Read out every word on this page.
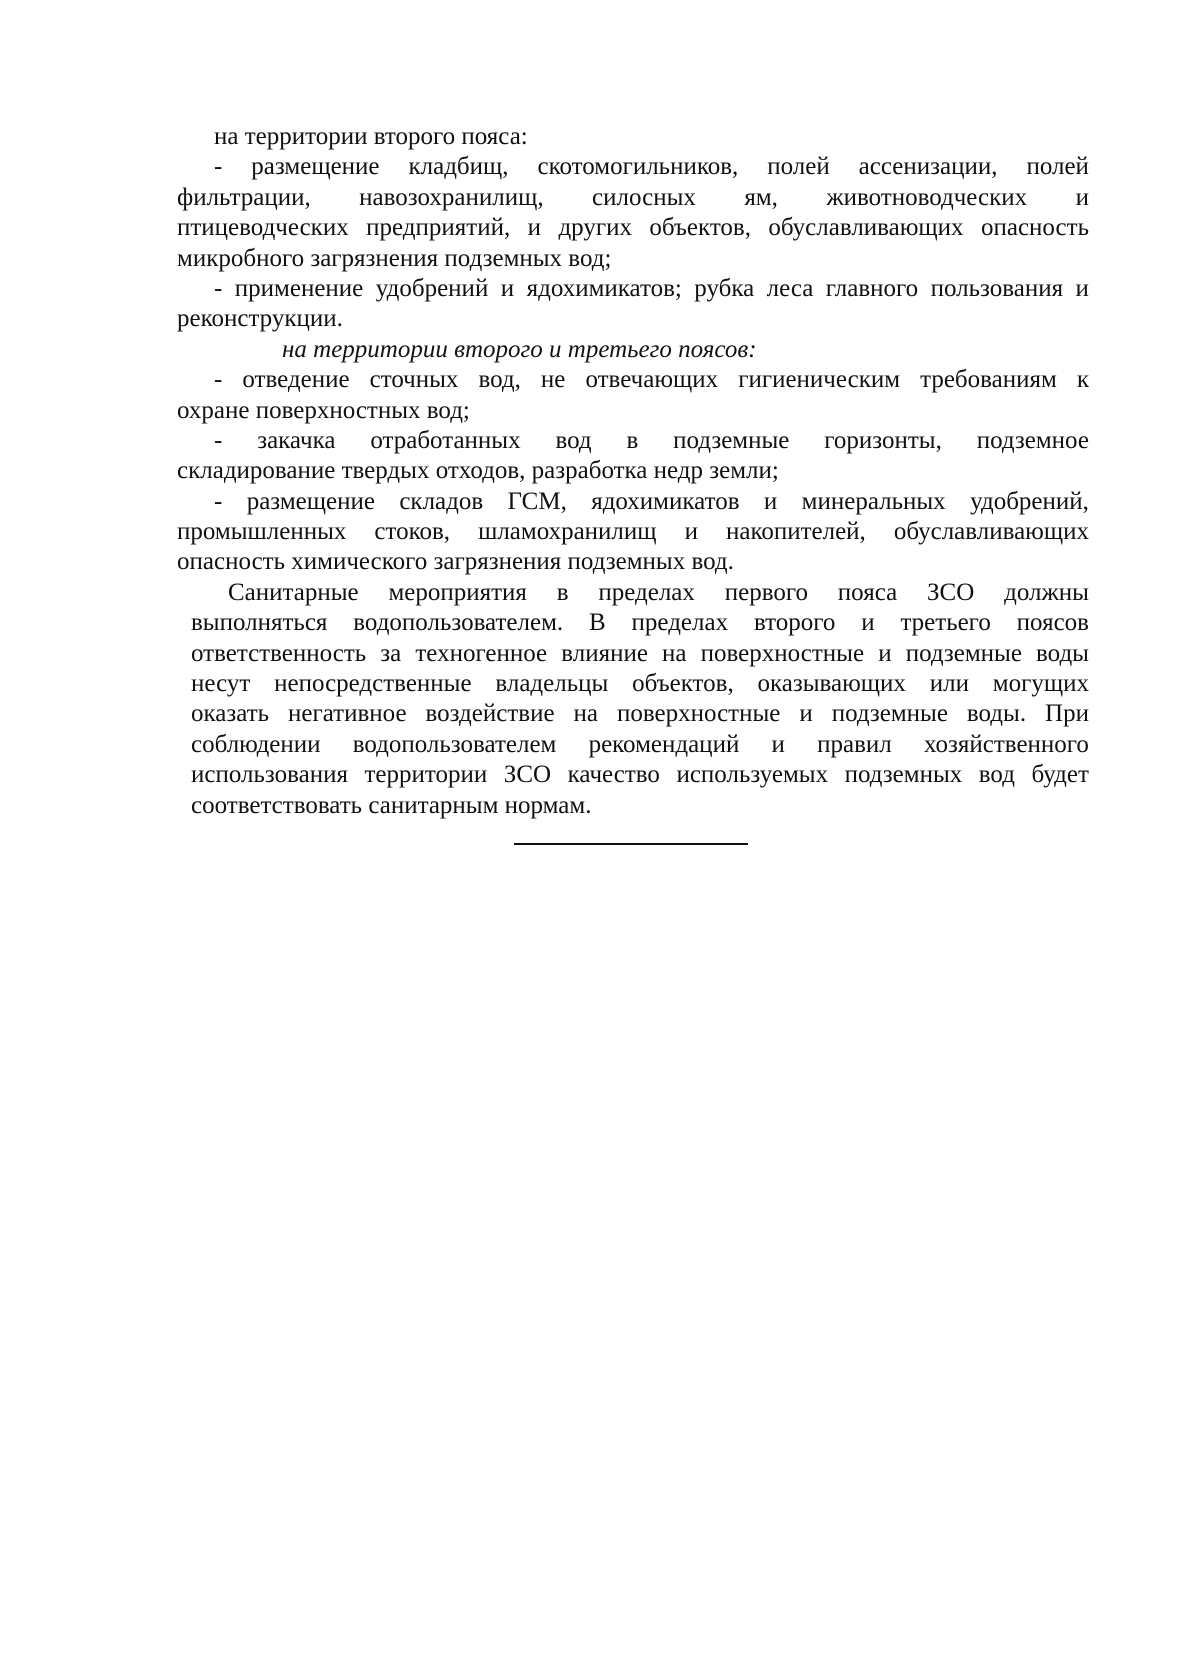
на территории второго пояса:
- размещение кладбищ, скотомогильников, полей ассенизации, полей
фильтрации, навозохранилищ, силосных ям, животноводческих и
птицеводческих предприятий, и других объектов, обуславливающих опасность
микробного загрязнения подземных вод;
- применение удобрений и ядохимикатов; рубка леса главного пользования и
реконструкции.
на территории второго и третьего поясов:
- отведение сточных вод, не отвечающих гигиеническим требованиям к
охране поверхностных вод;
- закачка отработанных вод в подземные горизонты, подземное
складирование твердых отходов, разработка недр земли;
- размещение складов ГСМ, ядохимикатов и минеральных удобрений,
промышленных стоков, шламохранилищ и накопителей, обуславливающих
опасность химического загрязнения подземных вод.
Санитарные мероприятия в пределах первого пояса ЗСО должны
выполняться водопользователем. В пределах второго и третьего поясов
ответственность за техногенное влияние на поверхностные и подземные воды
несут непосредственные владельцы объектов, оказывающих или могущих
оказать негативное воздействие на поверхностные и подземные воды. При
соблюдении водопользователем рекомендаций и правил хозяйственного
использования территории ЗСО качество используемых подземных вод будет
соответствовать санитарным нормам.
